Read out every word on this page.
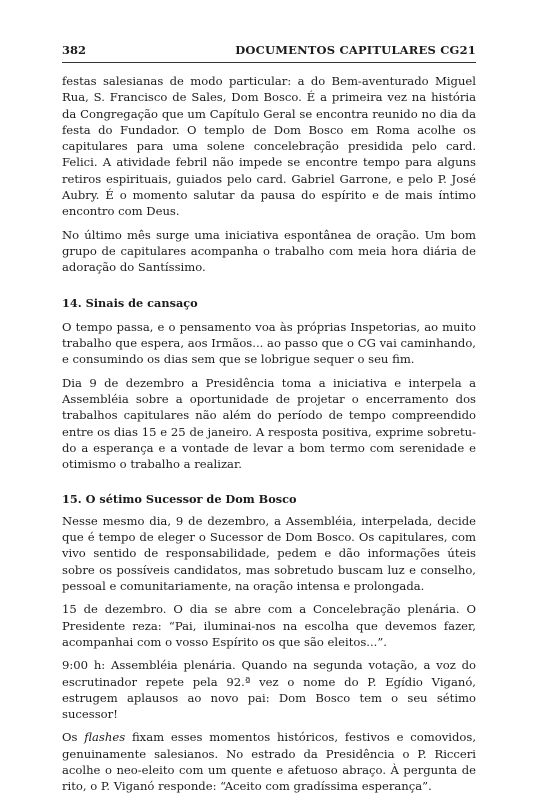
382	DOCUMENTOS CAPITULARES CG21

festas salesianas de modo particular: a do Bem-aventurado Miguel Rua, S. Francisco de Sales, Dom Bosco. É a primeira vez na história da Congregação que um Capítulo Geral se encontra reunido no dia da festa do Fundador. O templo de Dom Bosco em Roma acolhe os capitulares para uma solene concelebração presidida pelo card. Felici. A atividade febril não impede se encontre tempo para alguns retiros espirituais, guiados pelo card. Gabriel Garrone, e pelo P. José Aubry. É o momento salutar da pausa do espírito e de mais íntimo encontro com Deus.

No último mês surge uma iniciativa espontânea de oração. Um bom grupo de capitulares acompanha o trabalho com meia hora diária de adoração do Santíssimo.

14. Sinais de cansaço

O tempo passa, e o pensamento voa às próprias Inspetorias, ao muito trabalho que espera, aos Irmãos... ao passo que o CG vai caminhando, e consumindo os dias sem que se lobrigue sequer o seu fim.

Dia 9 de dezembro a Presidência toma a iniciativa e interpela a Assembléia sobre a oportunidade de projetar o encerramento dos trabalhos capitulares não além do período de tempo compreendido entre os dias 15 e 25 de janeiro. A resposta positiva, exprime sobretudo a esperança e a vontade de levar a bom termo com serenidade e otimismo o trabalho a realizar.

15. O sétimo Sucessor de Dom Bosco

Nesse mesmo dia, 9 de dezembro, a Assembléia, interpelada, decide que é tempo de eleger o Sucessor de Dom Bosco. Os capitulares, com vivo sentido de responsabilidade, pedem e dão informações úteis sobre os possíveis candidatos, mas sobretudo buscam luz e conselho, pessoal e comunitariamente, na oração intensa e prolongada.

15 de dezembro. O dia se abre com a Concelebração plenária. O Presidente reza: “Pai, iluminai-nos na escolha que devemos fazer, acompanhai com o vosso Espírito os que são eleitos...”.

9:00 h: Assembléia plenária. Quando na segunda votação, a voz do escrutinador repete pela 92.ª vez o nome do P. Egídio Viganó, estrugem aplausos ao novo pai: Dom Bosco tem o seu sétimo sucessor!

Os flashes fixam esses momentos históricos, festivos e comovidos, genuinamente salesianos. No estrado da Presidência o P. Ricceri acolhe o neo-eleito com um quente e afetuoso abraço. À pergunta de rito, o P. Viganó responde: “Aceito com gradíssima esperança”.
